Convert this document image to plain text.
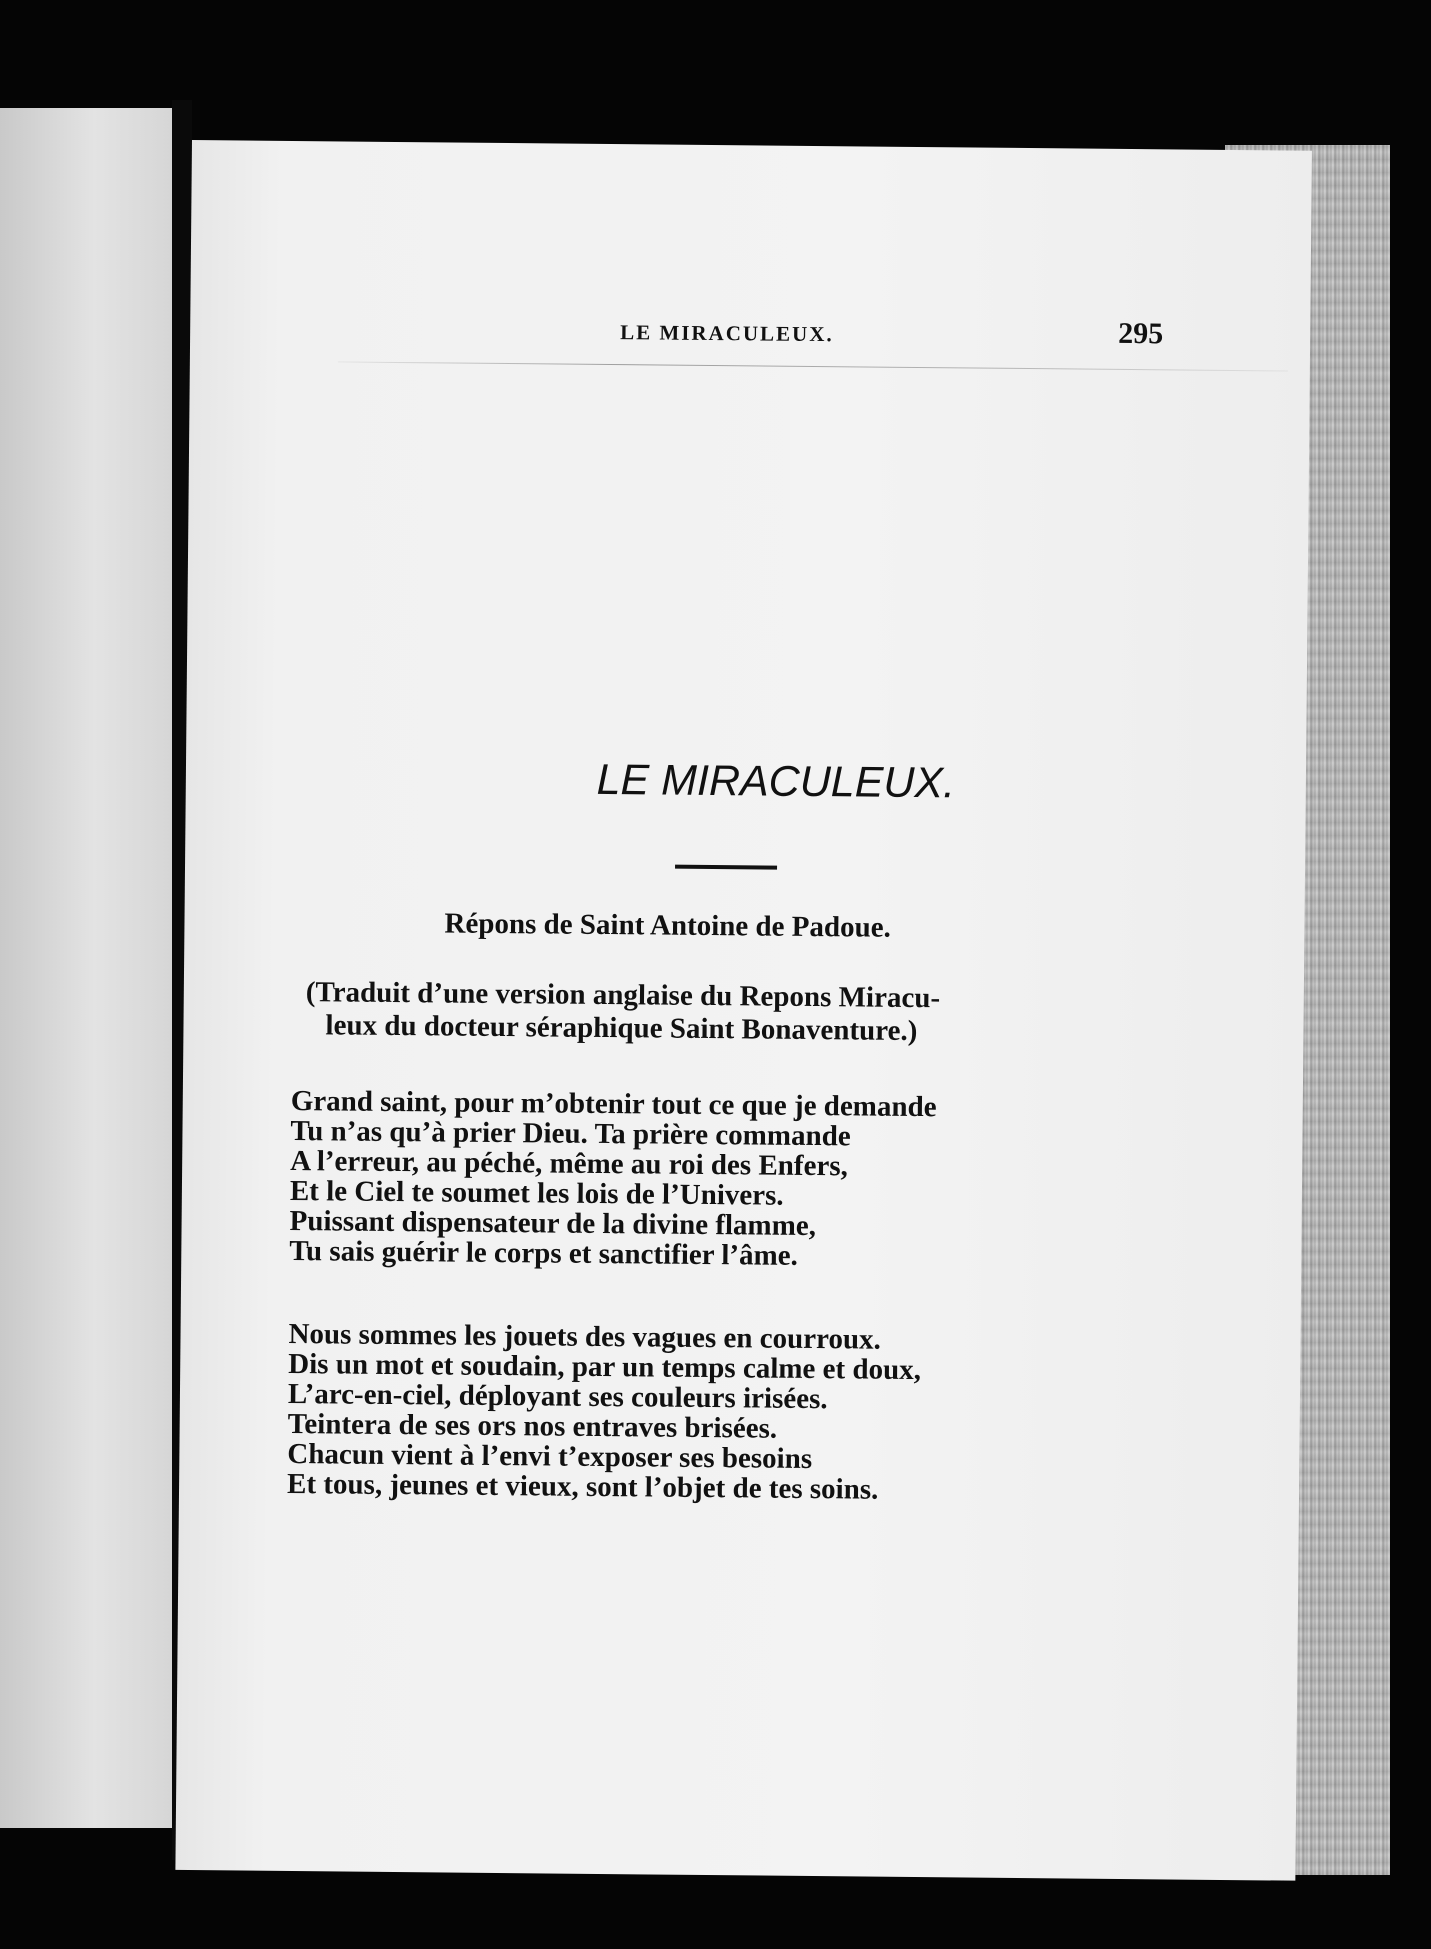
LE MIRACULEUX.	295
LE MIRACULEUX.
Répons de Saint Antoine de Padoue.
(Traduit d’une version anglaise du Repons Miracu-
leux du docteur séraphique Saint Bonaventure.)
Grand saint, pour m’obtenir tout ce que je demande
Tu n’as qu’à prier Dieu. Ta prière commande
A l’erreur, au péché, même au roi des Enfers,
Et le Ciel te soumet les lois de l’Univers.
Puissant dispensateur de la divine flamme,
Tu sais guérir le corps et sanctifier l’âme.
Nous sommes les jouets des vagues en courroux.
Dis un mot et soudain, par un temps calme et doux,
L’arc-en-ciel, déployant ses couleurs irisées.
Teintera de ses ors nos entraves brisées.
Chacun vient à l’envi t’exposer ses besoins
Et tous, jeunes et vieux, sont l’objet de tes soins.
